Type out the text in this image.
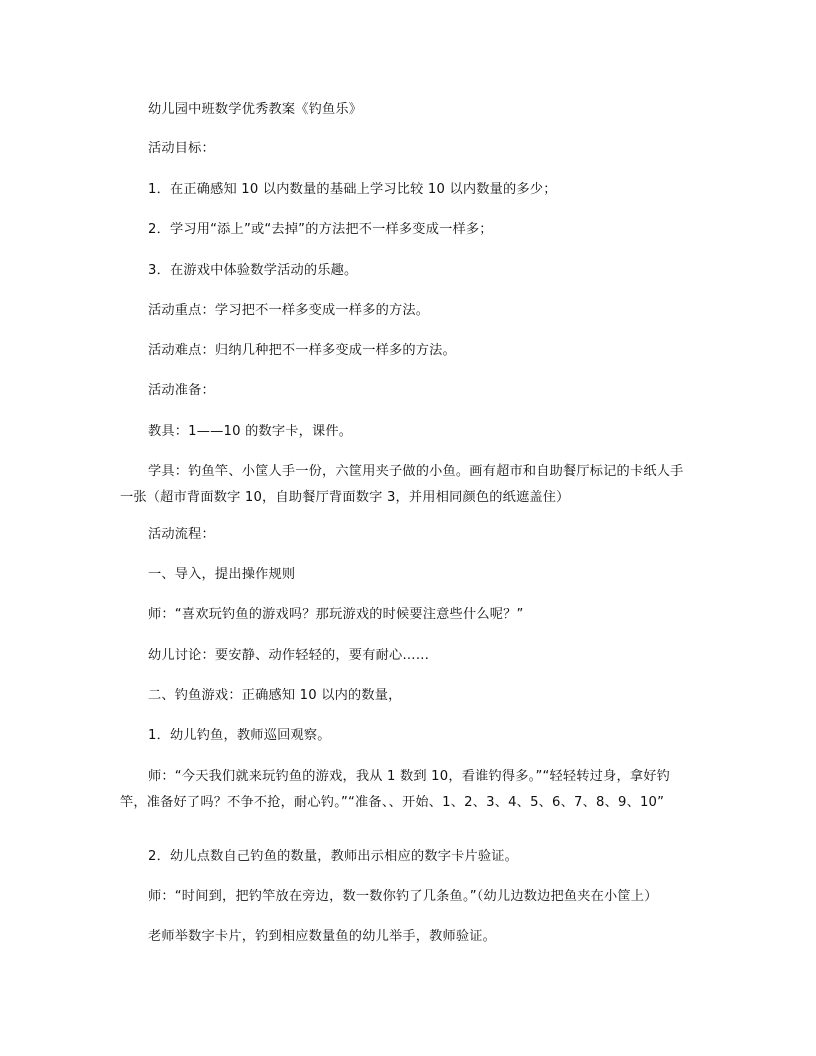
幼儿园中班数学优秀教案《钓鱼乐》
活动目标：
1．在正确感知 10 以内数量的基础上学习比较 10 以内数量的多少；
2．学习用“添上”或“去掉”的方法把不一样多变成一样多；
3．在游戏中体验数学活动的乐趣。
活动重点：学习把不一样多变成一样多的方法。
活动难点：归纳几种把不一样多变成一样多的方法。
活动准备：
教具：1——10 的数字卡，课件。
学具：钓鱼竿、小筐人手一份，六筐用夹子做的小鱼。画有超市和自助餐厅标记的卡纸人手一张（超市背面数字 10，自助餐厅背面数字 3，并用相同颜色的纸遮盖住）
活动流程：
一、导入，提出操作规则
师：“喜欢玩钓鱼的游戏吗？那玩游戏的时候要注意些什么呢？”
幼儿讨论：要安静、动作轻轻的，要有耐心……
二、钓鱼游戏：正确感知 10 以内的数量，
1．幼儿钓鱼，教师巡回观察。
师：“今天我们就来玩钓鱼的游戏，我从 1 数到 10，看谁钓得多。”“轻轻转过身，拿好钓竿，准备好了吗？不争不抢，耐心钓。”“准备、、开始、1、2、3、4、5、6、7、8、9、10”
2．幼儿点数自己钓鱼的数量，教师出示相应的数字卡片验证。
师：“时间到，把钓竿放在旁边，数一数你钓了几条鱼。”（幼儿边数边把鱼夹在小筐上）
老师举数字卡片，钓到相应数量鱼的幼儿举手，教师验证。
